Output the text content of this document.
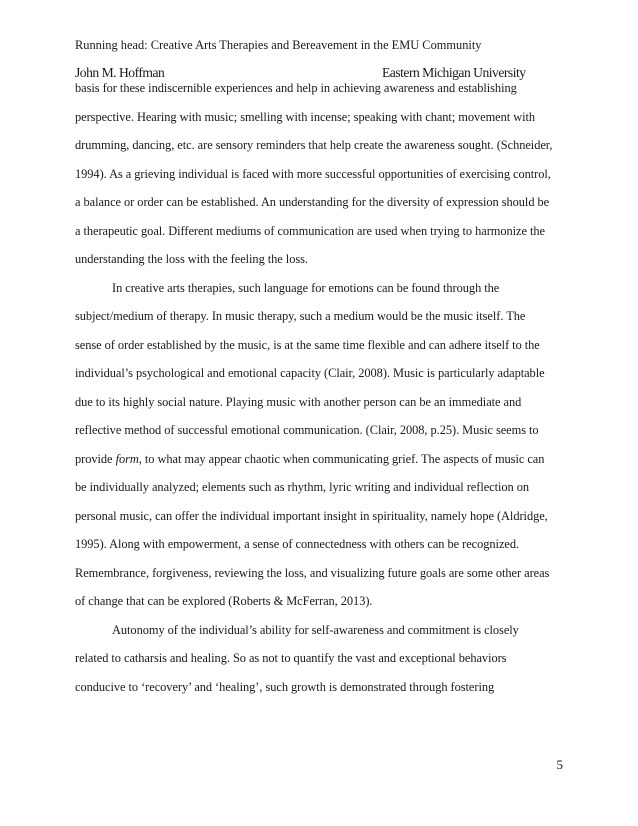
Running head: Creative Arts Therapies and Bereavement in the EMU Community
John M. Hoffman	Eastern Michigan University
basis for these indiscernible experiences and help in achieving awareness and establishing
perspective. Hearing with music; smelling with incense; speaking with chant; movement with
drumming, dancing, etc. are sensory reminders that help create the awareness sought. (Schneider,
1994). As a grieving individual is faced with more successful opportunities of exercising control,
a balance or order can be established. An understanding for the diversity of expression should be
a therapeutic goal. Different mediums of communication are used when trying to harmonize the
understanding the loss with the feeling the loss.
In creative arts therapies, such language for emotions can be found through the
subject/medium of therapy. In music therapy, such a medium would be the music itself. The
sense of order established by the music, is at the same time flexible and can adhere itself to the
individual’s psychological and emotional capacity (Clair, 2008). Music is particularly adaptable
due to its highly social nature. Playing music with another person can be an immediate and
reflective method of successful emotional communication. (Clair, 2008, p.25). Music seems to
provide form, to what may appear chaotic when communicating grief. The aspects of music can
be individually analyzed; elements such as rhythm, lyric writing and individual reflection on
personal music, can offer the individual important insight in spirituality, namely hope (Aldridge,
1995). Along with empowerment, a sense of connectedness with others can be recognized.
Remembrance, forgiveness, reviewing the loss, and visualizing future goals are some other areas
of change that can be explored (Roberts & McFerran, 2013).
Autonomy of the individual’s ability for self-awareness and commitment is closely
related to catharsis and healing. So as not to quantify the vast and exceptional behaviors
conducive to ‘recovery’ and ‘healing’, such growth is demonstrated through fostering
5
